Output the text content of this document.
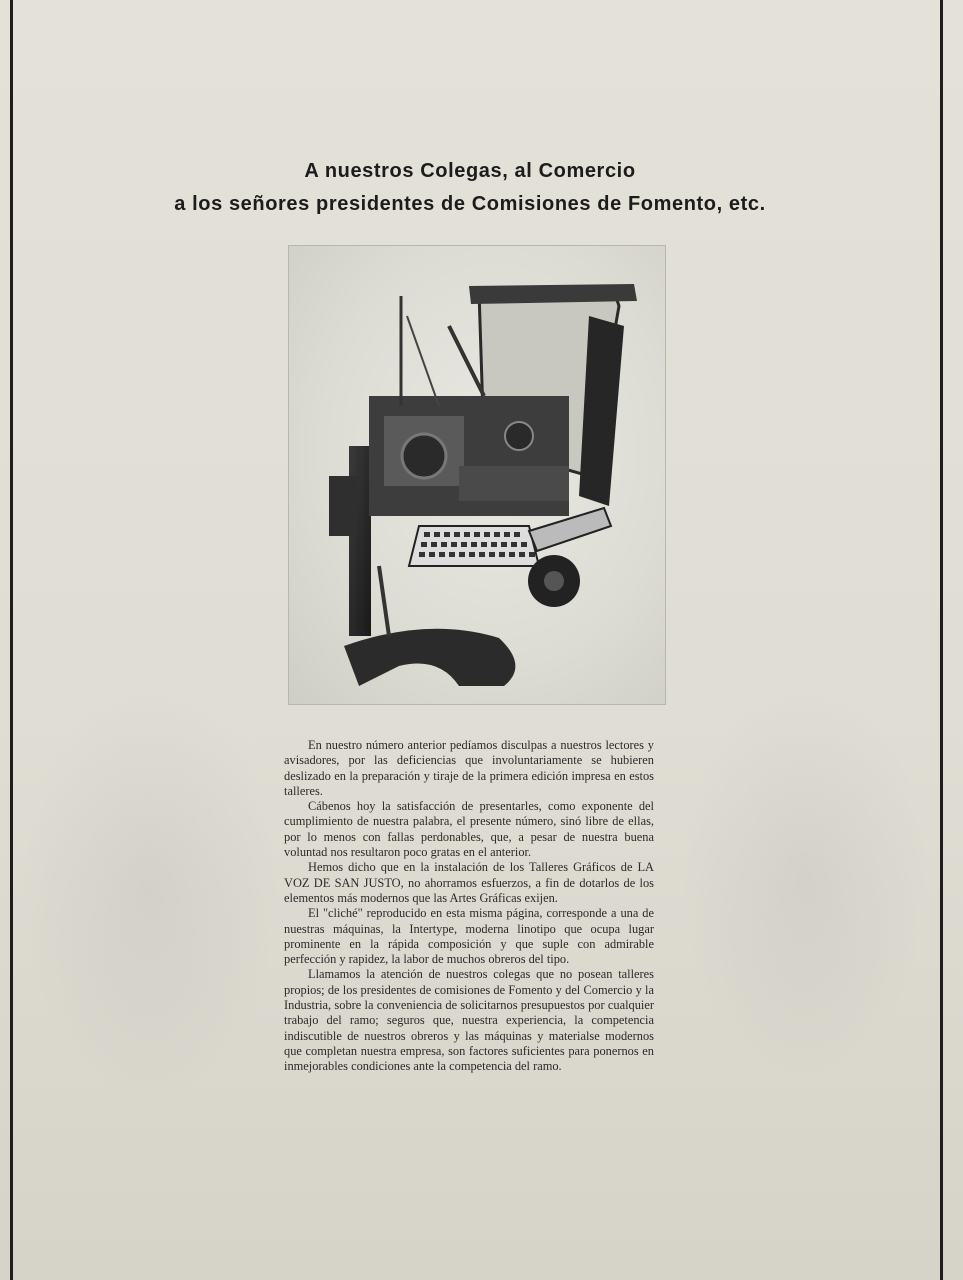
A nuestros Colegas, al Comercio
a los señores presidentes de Comisiones de Fomento, etc.

En nuestro número anterior pedíamos disculpas a nuestros lectores y avisadores, por las deficiencias que involuntariamente se hubieren deslizado en la preparación y tiraje de la primera edición impresa en estos talleres.

Cábenos hoy la satisfacción de presentarles, como exponente del cumplimiento de nuestra palabra, el presente número, sinó libre de ellas, por lo menos con fallas perdonables, que, a pesar de nuestra buena voluntad nos resultaron poco gratas en el anterior.

Hemos dicho que en la instalación de los Talleres Gráficos de LA VOZ DE SAN JUSTO, no ahorramos esfuerzos, a fin de dotarlos de los elementos más modernos que las Artes Gráficas exijen.

El "cliché" reproducido en esta misma página, corresponde a una de nuestras máquinas, la Intertype, moderna linotipo que ocupa lugar prominente en la rápida composición y que suple con admirable perfección y rapidez, la labor de muchos obreros del tipo.

Llamamos la atención de nuestros colegas que no posean talleres propios; de los presidentes de comisiones de Fomento y del Comercio y la Industria, sobre la conveniencia de solicitarnos presupuestos por cualquier trabajo del ramo; seguros que, nuestra experiencia, la competencia indiscutible de nuestros obreros y las máquinas y materialse modernos que completan nuestra empresa, son factores suficientes para ponernos en inmejorables condiciones ante la competencia del ramo.
